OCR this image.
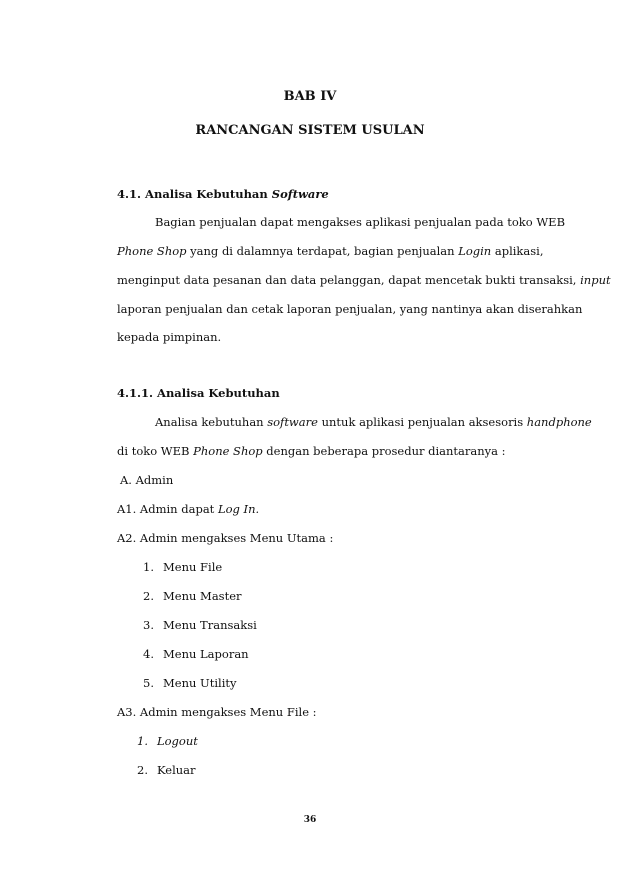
BAB IV
RANCANGAN SISTEM USULAN
4.1. Analisa Kebutuhan Software
Bagian penjualan dapat mengakses aplikasi penjualan pada toko WEB
Phone Shop yang di dalamnya terdapat, bagian penjualan Login aplikasi,
menginput data pesanan dan data pelanggan, dapat mencetak bukti transaksi, input
laporan penjualan dan cetak laporan penjualan, yang nantinya akan diserahkan
kepada pimpinan.
4.1.1. Analisa Kebutuhan
Analisa kebutuhan software untuk aplikasi penjualan aksesoris handphone
di toko WEB Phone Shop dengan beberapa prosedur diantaranya :
A. Admin
A1. Admin dapat Log In.
A2. Admin mengakses Menu Utama :
1. Menu File
2. Menu Master
3. Menu Transaksi
4. Menu Laporan
5. Menu Utility
A3. Admin mengakses Menu File :
1. Logout
2. Keluar
36
